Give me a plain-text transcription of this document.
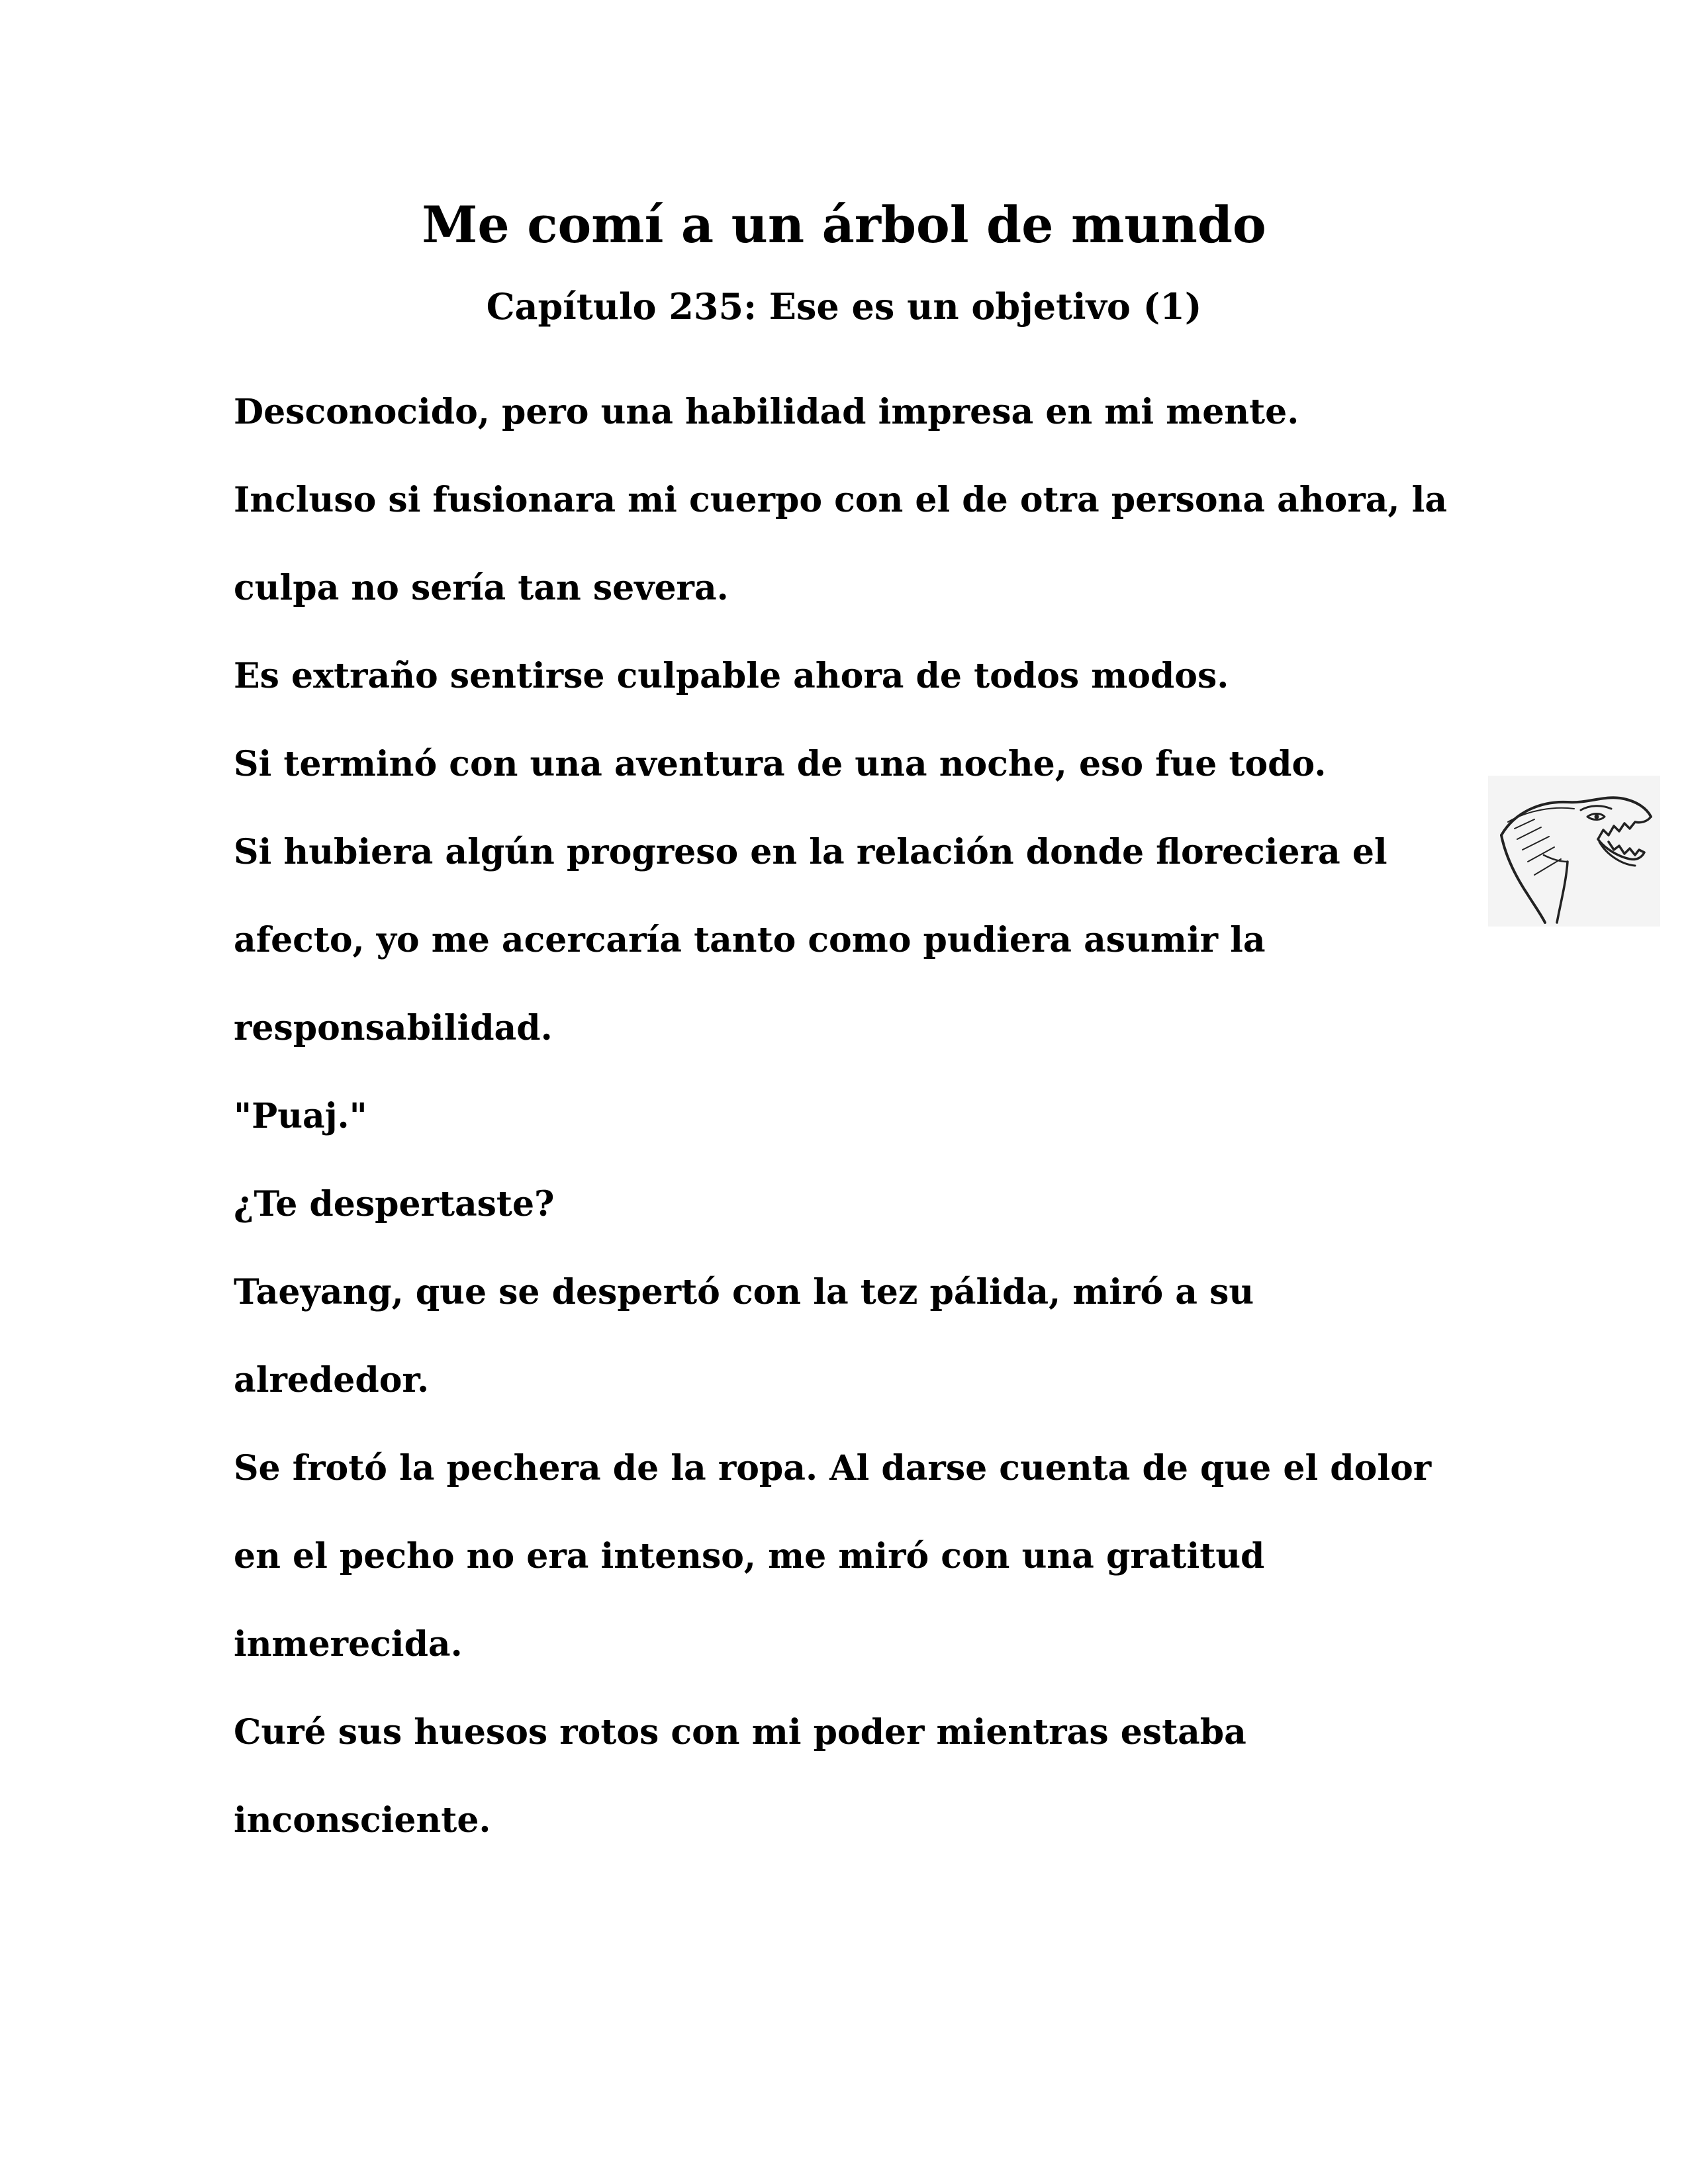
Me comí a un árbol de mundo
Capítulo 235: Ese es un objetivo (1)

Desconocido, pero una habilidad impresa en mi mente.

Incluso si fusionara mi cuerpo con el de otra persona ahora, la

culpa no sería tan severa.

Es extraño sentirse culpable ahora de todos modos.

Si terminó con una aventura de una noche, eso fue todo.

Si hubiera algún progreso en la relación donde floreciera el

afecto, yo me acercaría tanto como pudiera asumir la

responsabilidad.

"Puaj."

¿Te despertaste?

Taeyang, que se despertó con la tez pálida, miró a su

alrededor.

Se frotó la pechera de la ropa. Al darse cuenta de que el dolor

en el pecho no era intenso, me miró con una gratitud

inmerecida.

Curé sus huesos rotos con mi poder mientras estaba

inconsciente.
